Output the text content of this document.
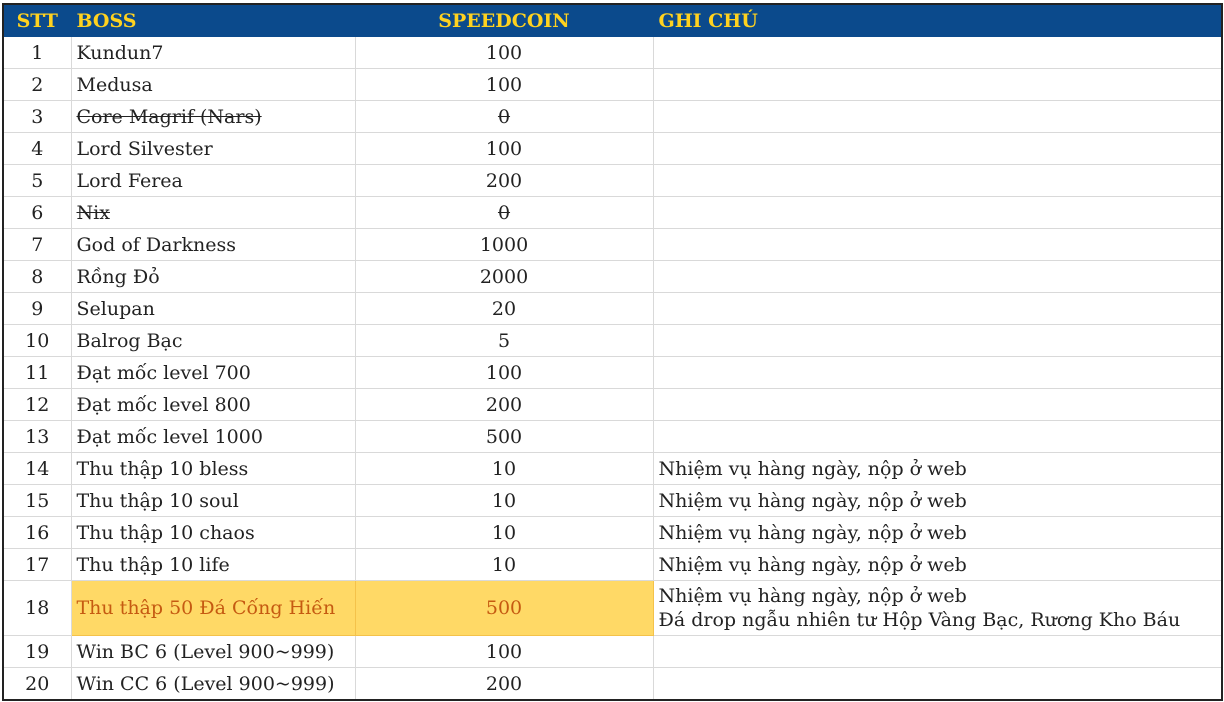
STT	BOSS	SPEEDCOIN	GHI CHÚ
1	Kundun7	100	

2	Medusa	100	

3	Core Magrif (Nars)	0	

4	Lord Silvester	100	

5	Lord Ferea	200	

6	Nix	0	

7	God of Darkness	1000	

8	Rồng Đỏ	2000	

9	Selupan	20	

10	Balrog Bạc	5	

11	Đạt mốc level 700	100	

12	Đạt mốc level 800	200	

13	Đạt mốc level 1000	500	

14	Thu thập 10 bless	10	Nhiệm vụ hàng ngày, nộp ở web

15	Thu thập 10 soul	10	Nhiệm vụ hàng ngày, nộp ở web

16	Thu thập 10 chaos	10	Nhiệm vụ hàng ngày, nộp ở web

17	Thu thập 10 life	10	Nhiệm vụ hàng ngày, nộp ở web

18	Thu thập 50 Đá Cống Hiến	500	Nhiệm vụ hàng ngày, nộp ở web
Đá drop ngẫu nhiên tư Hộp Vàng Bạc, Rương Kho Báu

19	Win BC 6 (Level 900~999)	100	

20	Win CC 6 (Level 900~999)	200	
